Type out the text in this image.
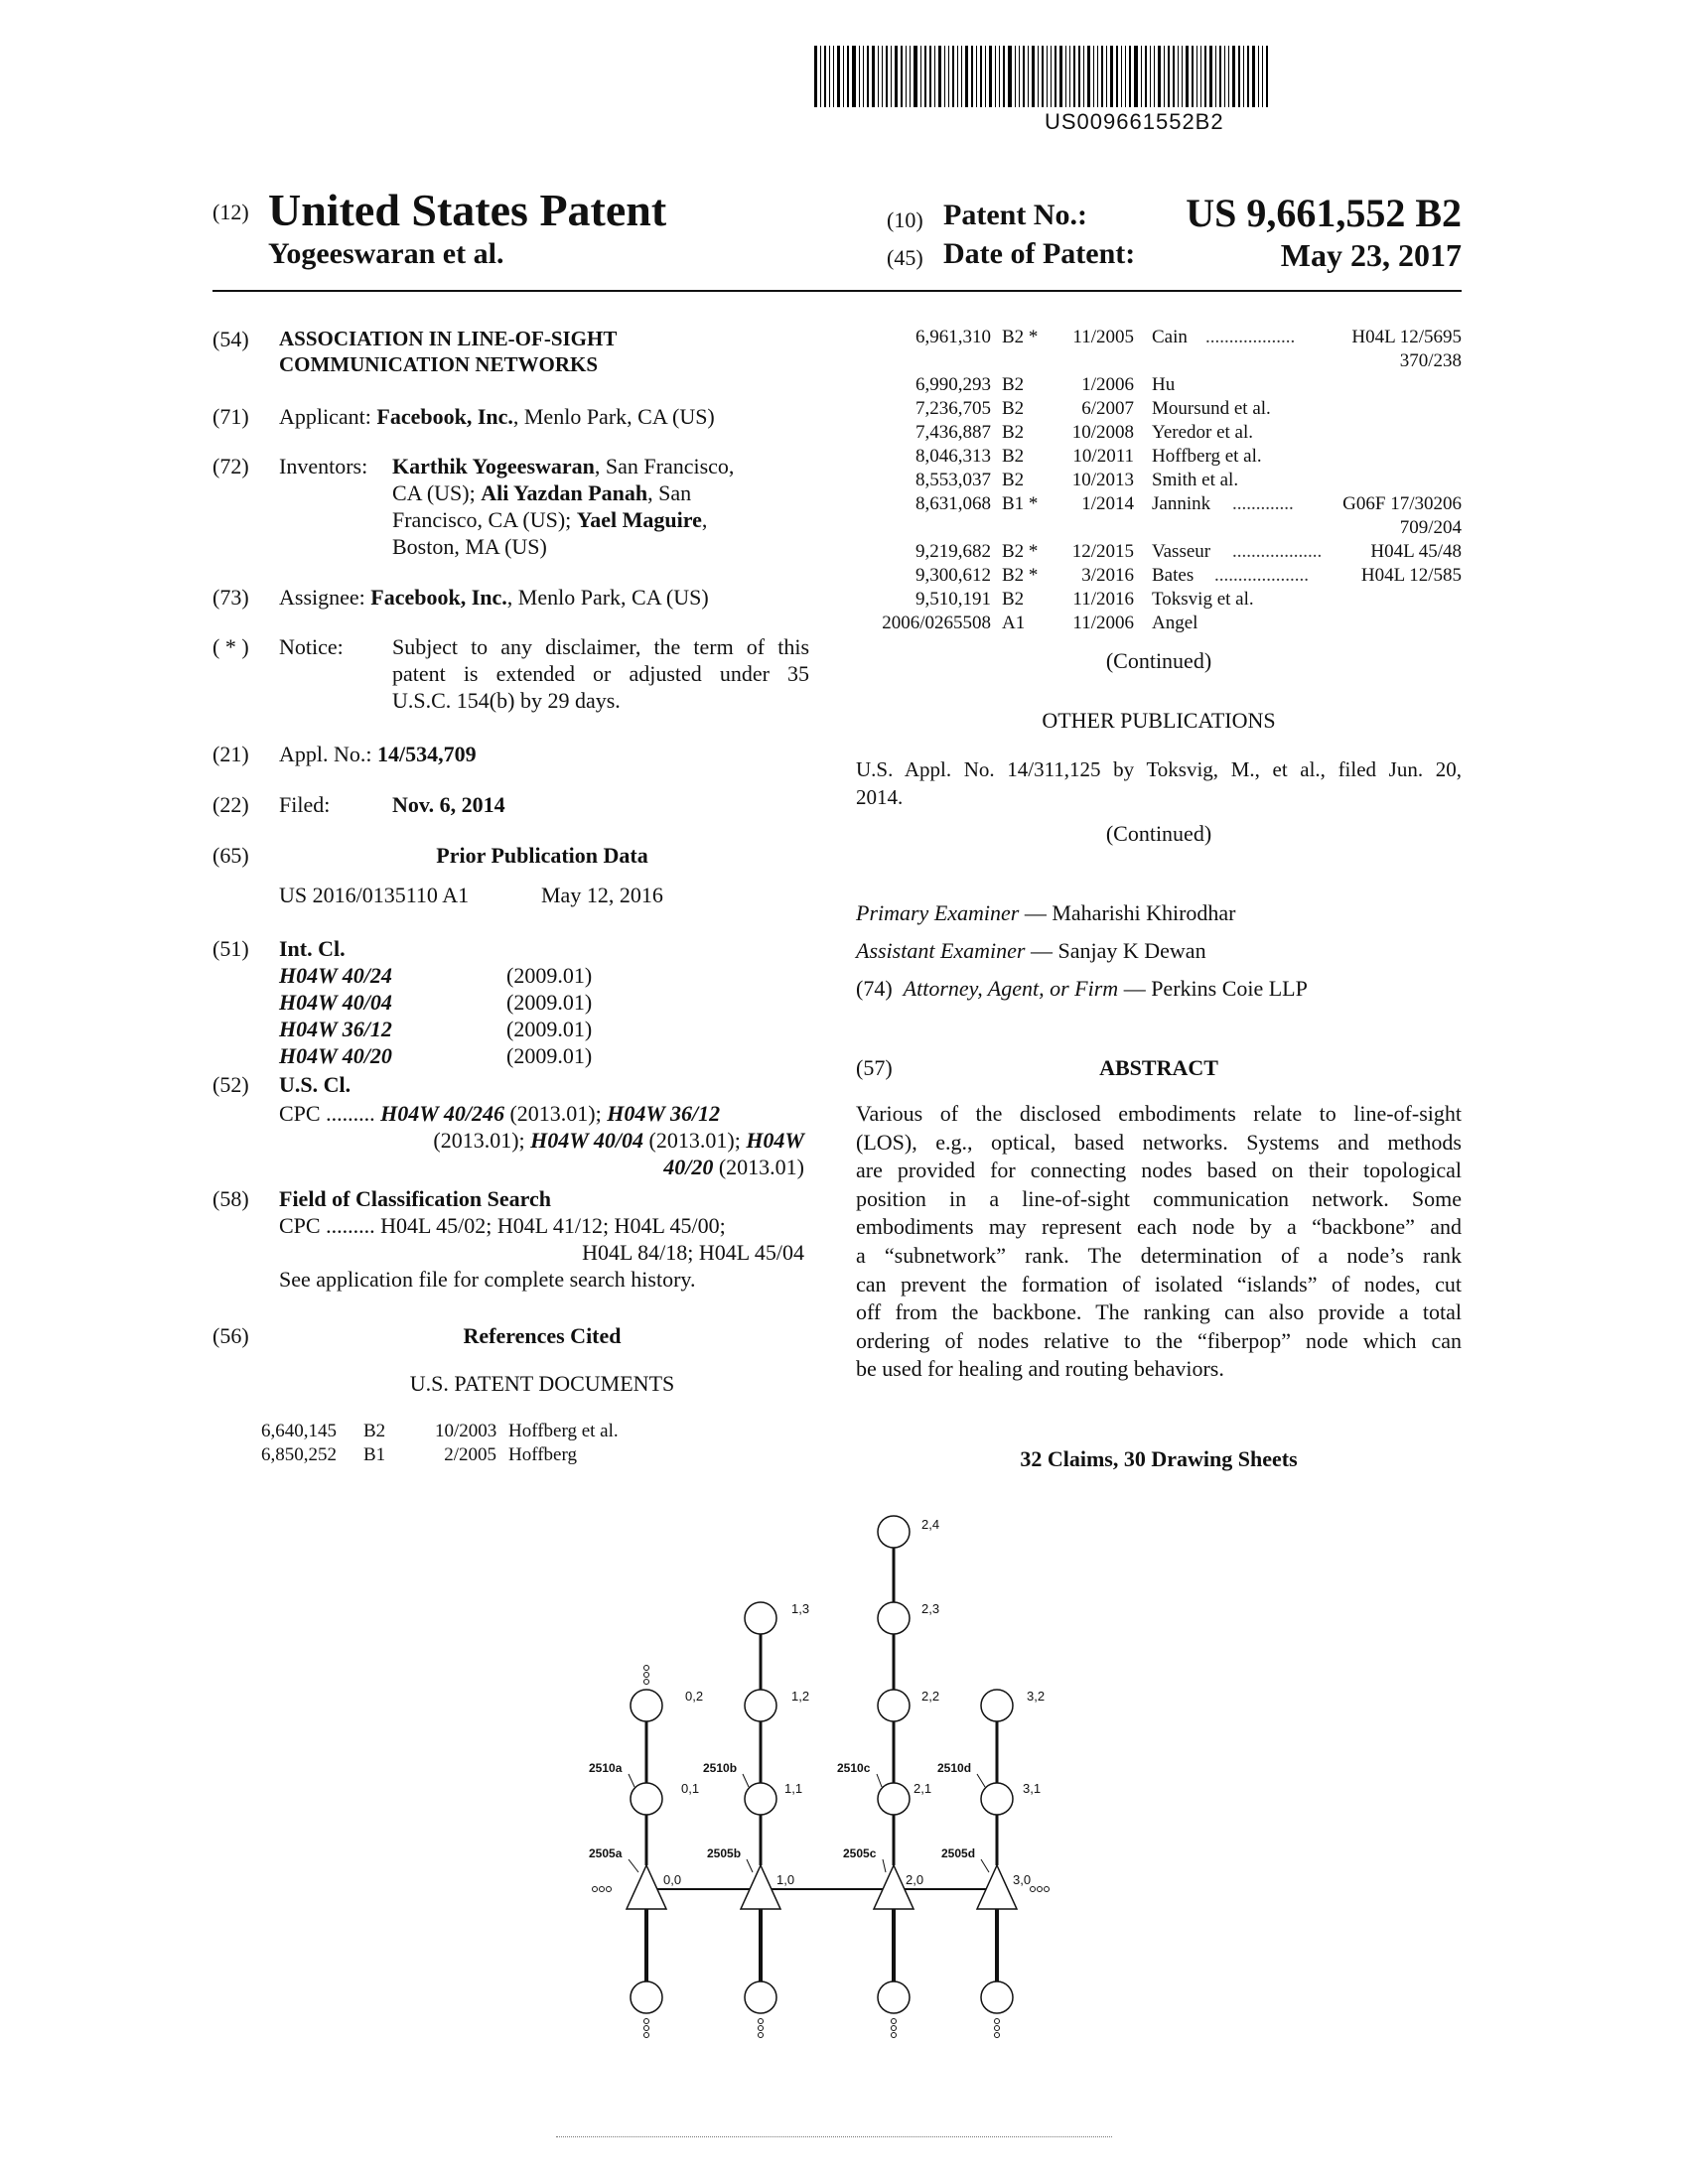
US009661552B2
(12) United States Patent
Yogeeswaran et al.
(10) Patent No.: US 9,661,552 B2
(45) Date of Patent:	May 23, 2017
(54) ASSOCIATION IN LINE-OF-SIGHT
COMMUNICATION NETWORKS
(71) Applicant: Facebook, Inc., Menlo Park, CA (US)
(72) Inventors: Karthik Yogeeswaran, San Francisco,
CA (US); Ali Yazdan Panah, San
Francisco, CA (US); Yael Maguire,
Boston, MA (US)
(73) Assignee: Facebook, Inc., Menlo Park, CA (US)
( * ) Notice: Subject to any disclaimer, the term of this
patent is extended or adjusted under 35
U.S.C. 154(b) by 29 days.
(21) Appl. No.: 14/534,709
(22) Filed:	Nov. 6, 2014
(65)	Prior Publication Data
US 2016/0135110 A1	May 12, 2016
(51) Int. Cl.
H04W 40/24	(2009.01)
H04W 40/04	(2009.01)
H04W 36/12	(2009.01)
H04W 40/20	(2009.01)
(52) U.S. Cl.
CPC ......... H04W 40/246 (2013.01); H04W 36/12
(2013.01); H04W 40/04 (2013.01); H04W
40/20 (2013.01)
(58) Field of Classification Search
CPC ......... H04L 45/02; H04L 41/12; H04L 45/00;
H04L 84/18; H04L 45/04
See application file for complete search history.
(56)	References Cited
U.S. PATENT DOCUMENTS
6,640,145 B2	10/2003 Hoffberg et al.
6,850,252 B1	2/2005 Hoffberg
6,961,310 B2 *	11/2005 Cain ...................	H04L 12/5695
370/238
6,990,293 B2	1/2006 Hu
7,236,705 B2	6/2007 Moursund et al.
7,436,887 B2	10/2008 Yeredor et al.
8,046,313 B2	10/2011 Hoffberg et al.
8,553,037 B2	10/2013 Smith et al.
8,631,068 B1 *	1/2014 Jannink .............	G06F 17/30206
709/204
9,219,682 B2 *	12/2015 Vasseur ...................	H04L 45/48
9,300,612 B2 *	3/2016 Bates ....................	H04L 12/585
9,510,191 B2	11/2016 Toksvig et al.
2006/0265508 A1	11/2006 Angel
(Continued)
OTHER PUBLICATIONS
U.S. Appl. No. 14/311,125 by Toksvig, M., et al., filed Jun. 20,
2014.
(Continued)
Primary Examiner — Maharishi Khirodhar
Assistant Examiner — Sanjay K Dewan
(74) Attorney, Agent, or Firm — Perkins Coie LLP
(57)	ABSTRACT
Various of the disclosed embodiments relate to line-of-sight
(LOS), e.g., optical, based networks. Systems and methods
are provided for connecting nodes based on their topological
position in a line-of-sight communication network. Some
embodiments may represent each node by a “backbone” and
a “subnetwork” rank. The determination of a node’s rank
can prevent the formation of isolated “islands” of nodes, cut
off from the backbone. The ranking can also provide a total
ordering of nodes relative to the “fiberpop” node which can
be used for healing and routing behaviors.
32 Claims, 30 Drawing Sheets
2,4
1,3	2,3
0,2	1,2	2,2	3,2
0,1	1,1	2,1	3,1
0,0	1,0	2,0	3,0
2510a	2510b	2510c	2510d
2505a	2505b	2505c	2505d
